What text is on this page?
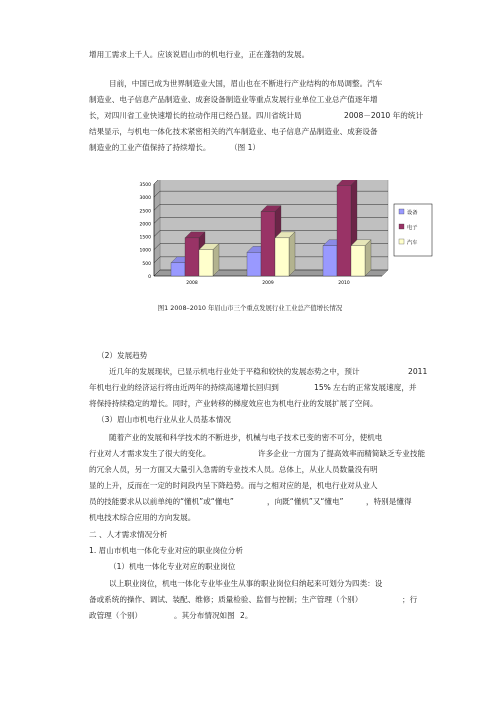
增用工需求上千人。应该说眉山市的机电行业，正在蓬勃的发展。
目前，中国已成为世界制造业大国，眉山也在不断进行产业结构的布局调整。汽车
制造业、电子信息产品制造业、成套设备制造业等重点发展行业单位工业总产值逐年增
长，对四川省工业快速增长的拉动作用已经凸显。四川省统计局	2008－2010 年的统计
结果显示，与机电一体化技术紧密相关的汽车制造业、电子信息产品制造业、成套设备
制造业的工业产值保持了持续增长。	（图 1）
0
500
1000
1500
2000
2500
3000
3500
2008	2009	2010
设备
电子
汽车
图1 2008–2010 年眉山市三个重点发展行业工业总产值增长情况
（2）发展趋势
近几年的发展现状，已显示机电行业处于平稳和较快的发展态势之中，预计	2011
年机电行业的经济运行将由近两年的持续高速增长回归到	15% 左右的正常发展速度，并
将保持持续稳定的增长。同时，产业转移的梯度效应也为机电行业的发展扩展了空间。
（3）眉山市机电行业从业人员基本情况
随着产业的发展和科学技术的不断进步，机械与电子技术已变的密不可分，使机电
行业对人才需求发生了很大的变化。	许多企业一方面为了提高效率而精简缺乏专业技能
的冗余人员，另一方面又大量引入急需的专业技术人员。总体上，从业人员数量没有明
显的上升，反而在一定的时间段内呈下降趋势。而与之相对应的是，机电行业对从业人
员的技能要求从以前单纯的“懂机”或“懂电”	，向既“懂机”又“懂电”	，特别是懂得
机电技术综合应用的方向发展。
二 、人才需求情况分析
1. 眉山市机电一体化专业对应的职业岗位分析
（1）机电一体化专业对应的职业岗位
以上职业岗位，机电一体化专业毕业生从事的职业岗位归纳起来可划分为四类：设
备或系统的操作、调试、装配、维修；质量检验、监督与控制；生产管理（个别）	；行
政管理（个别）	。其分布情况如图 2。
